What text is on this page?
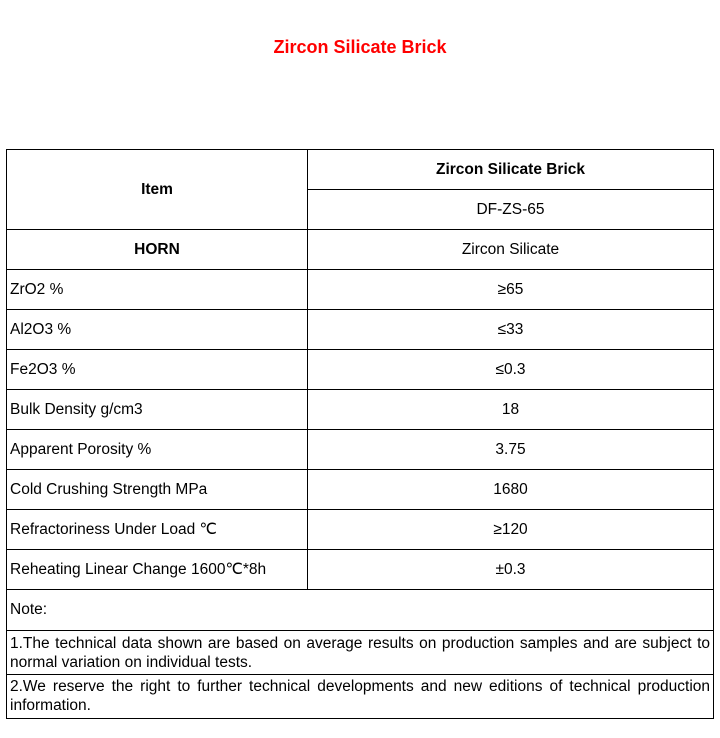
Zircon Silicate Brick
Item	Zircon Silicate Brick
	DF-ZS-65
HORN	Zircon Silicate
ZrO2 %	≥65
Al2O3 %	≤33
Fe2O3 %	≤0.3
Bulk Density g/cm3	18
Apparent Porosity %	3.75
Cold Crushing Strength MPa	1680
Refractoriness Under Load ℃	≥120
Reheating Linear Change 1600℃*8h	±0.3
Note:	
1.The technical data shown are based on average results on production samples and are subject to normal variation on individual tests.	
2.We reserve the right to further technical developments and new editions of technical production information.	
